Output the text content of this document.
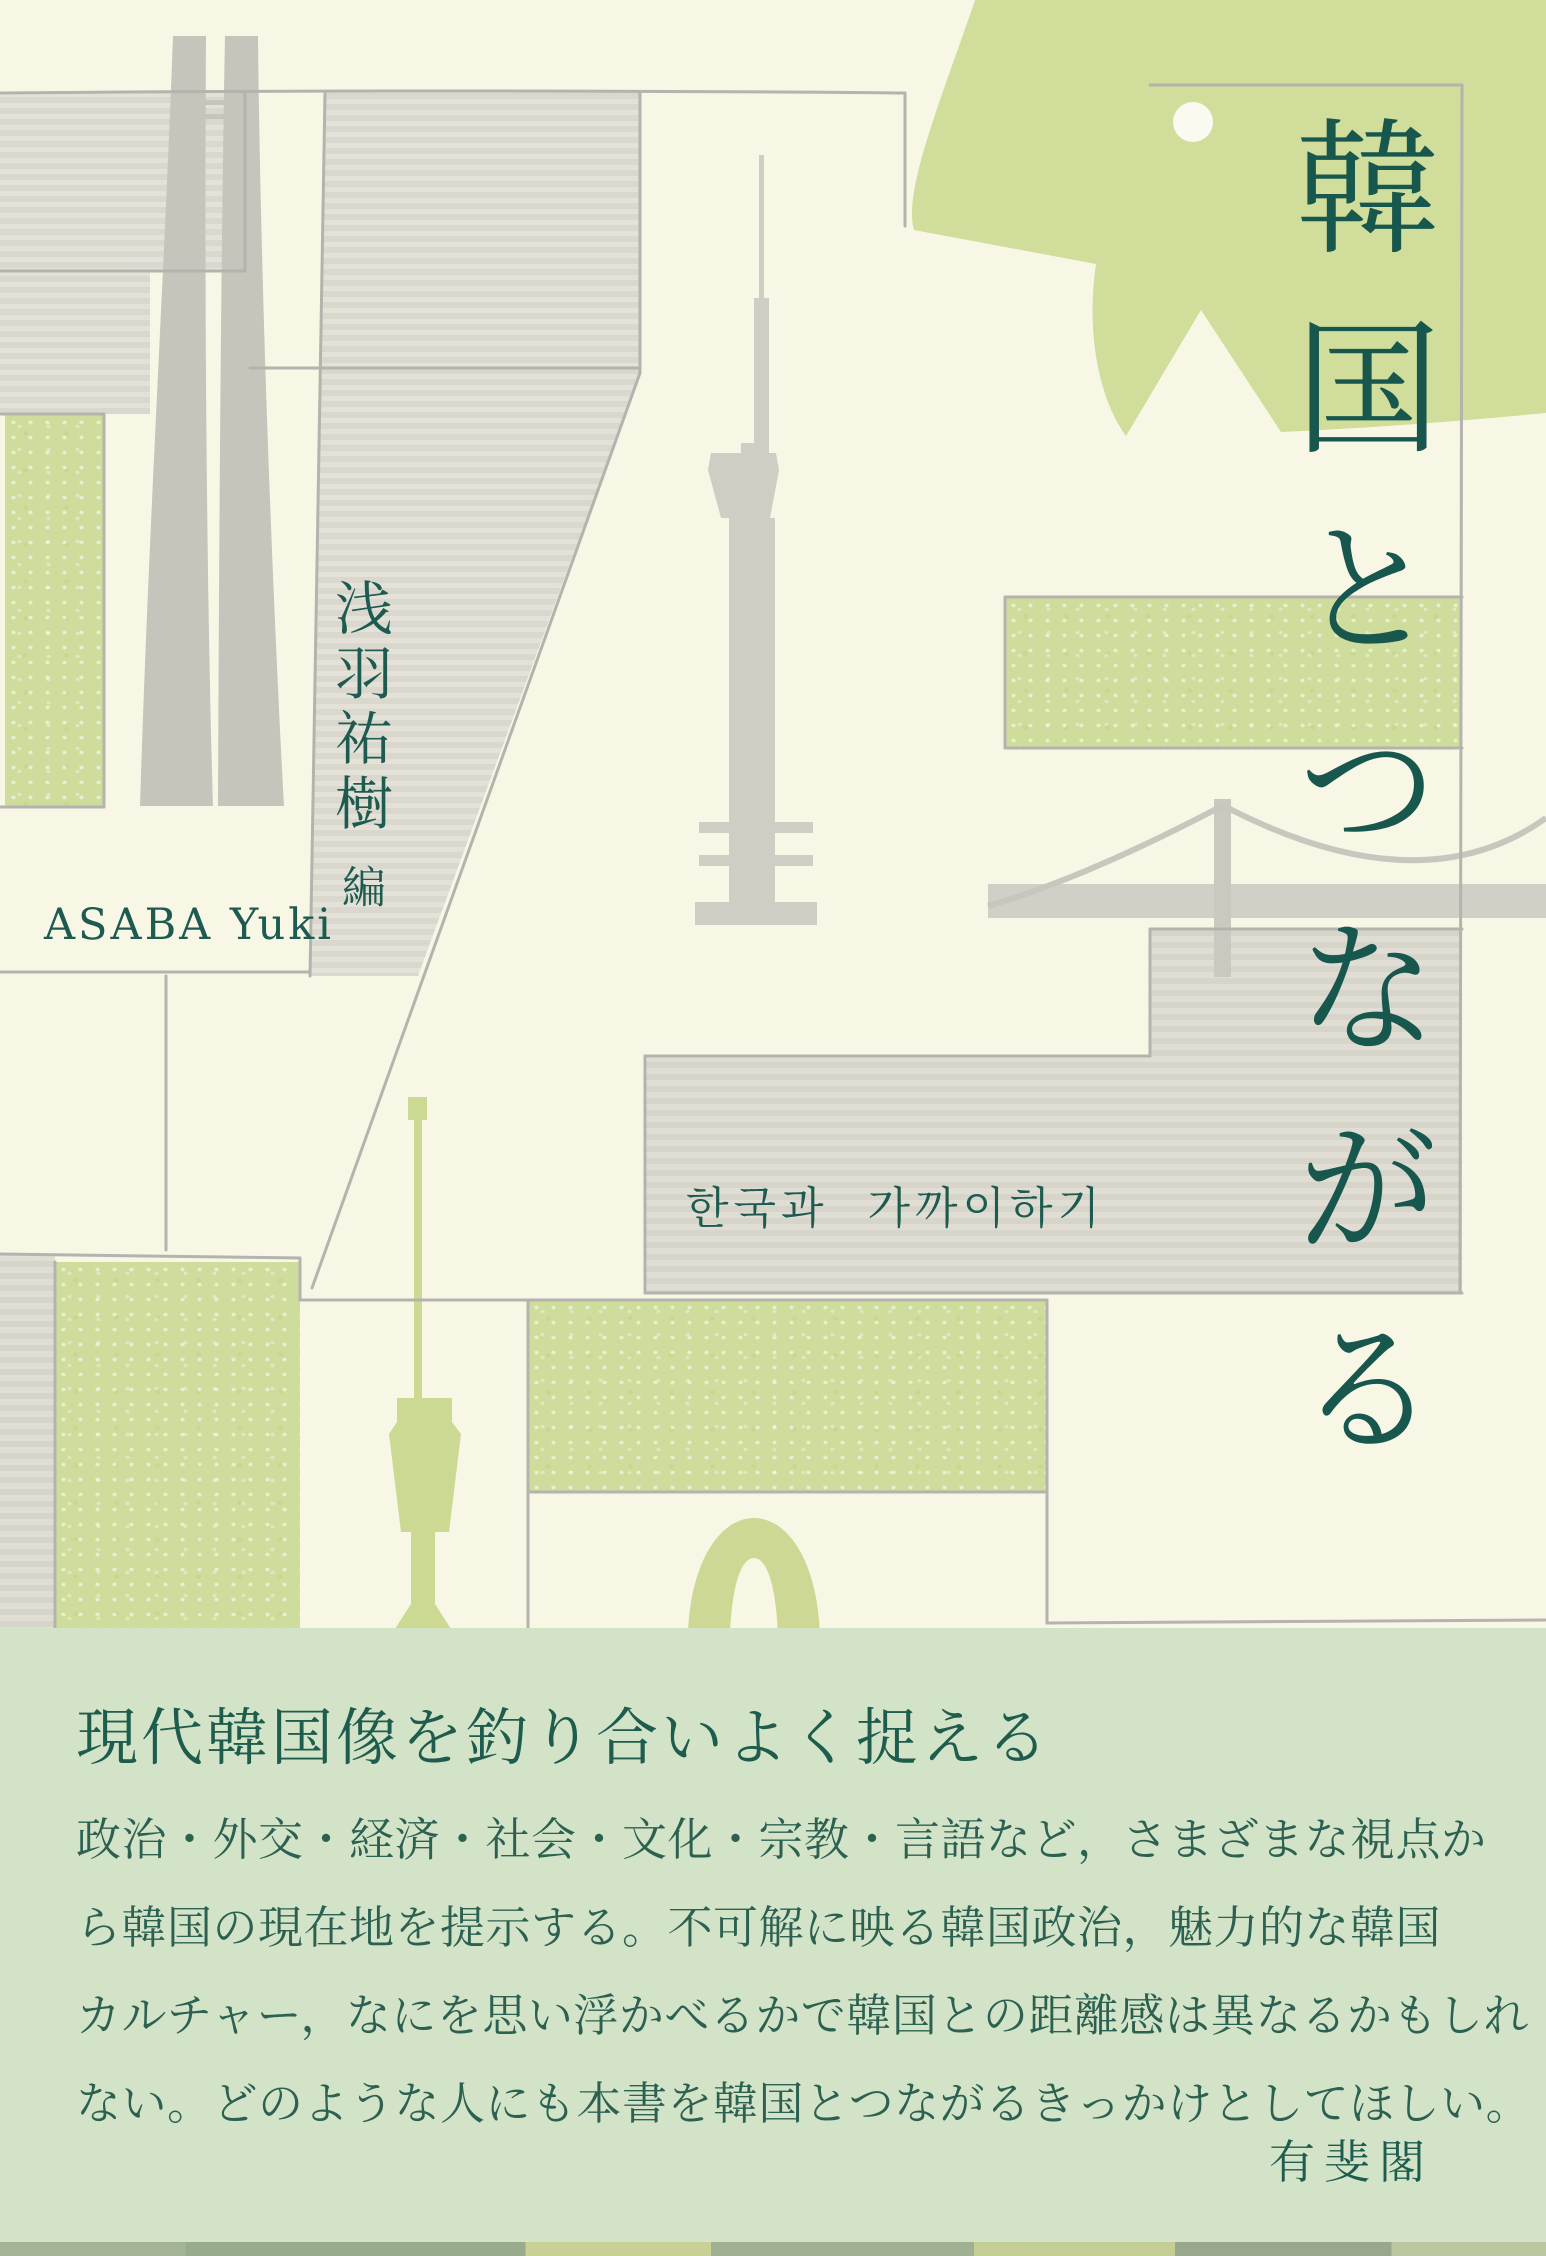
韓国とつながる
浅羽祐樹編
ASABA Yuki
한국과 가까이하기
現代韓国像を釣り合いよく捉える
政治・外交・経済・社会・文化・宗教・言語など，さまざまな視点か
ら韓国の現在地を提示する。不可解に映る韓国政治，魅力的な韓国
カルチャー，なにを思い浮かべるかで韓国との距離感は異なるかもしれ
ない。どのような人にも本書を韓国とつながるきっかけとしてほしい。
有斐閣
